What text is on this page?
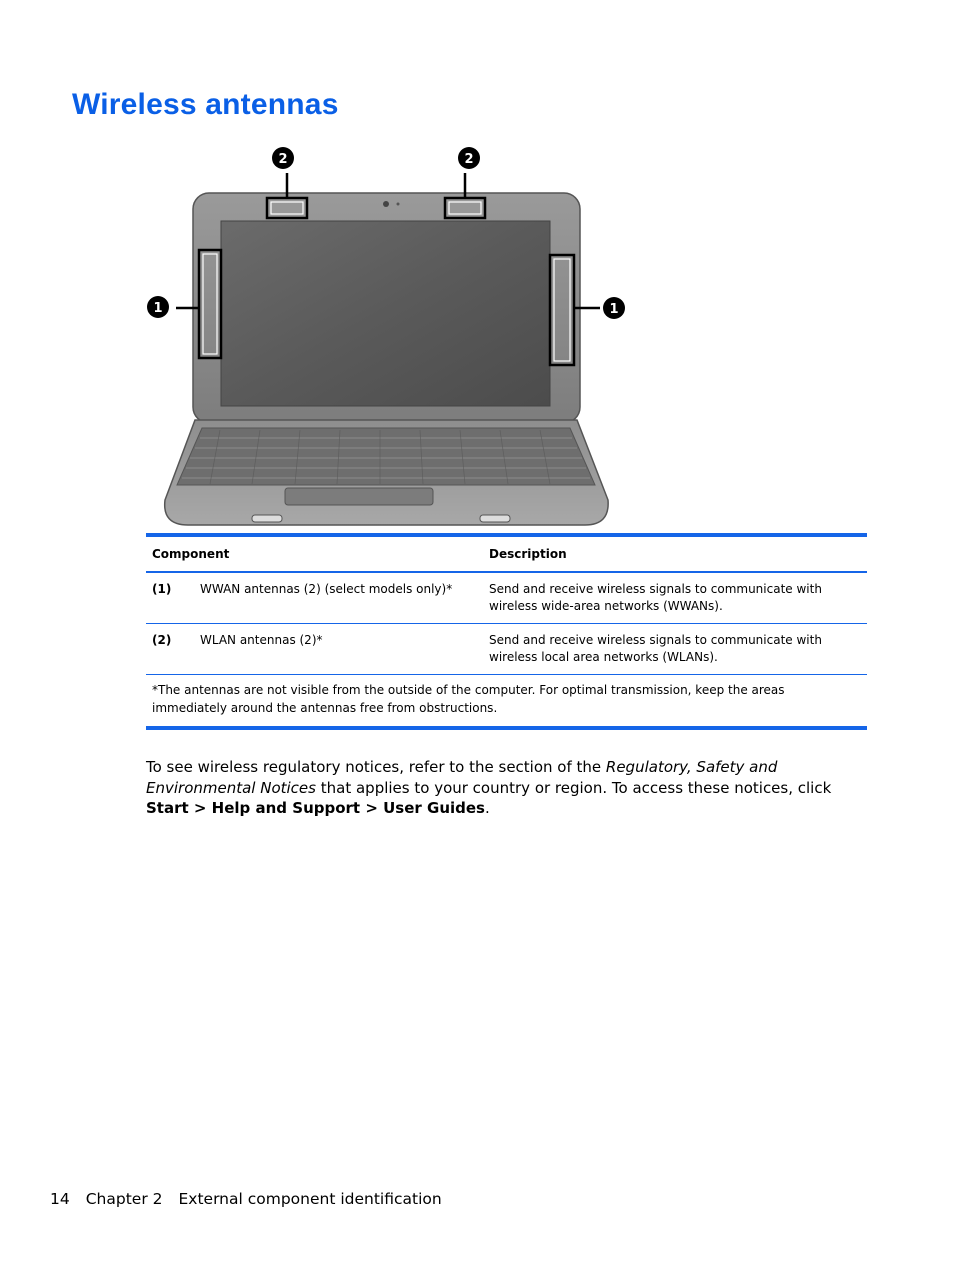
Wireless antennas
2	2
1	1
Component	Description
(1)	WWAN antennas (2) (select models only)*	Send and receive wireless signals to communicate with wireless wide-area networks (WWANs).
(2)	WLAN antennas (2)*	Send and receive wireless signals to communicate with wireless local area networks (WLANs).
*The antennas are not visible from the outside of the computer. For optimal transmission, keep the areas immediately around the antennas free from obstructions.

To see wireless regulatory notices, refer to the section of the Regulatory, Safety and Environmental Notices that applies to your country or region. To access these notices, click Start > Help and Support > User Guides.

14 Chapter 2 External component identification
